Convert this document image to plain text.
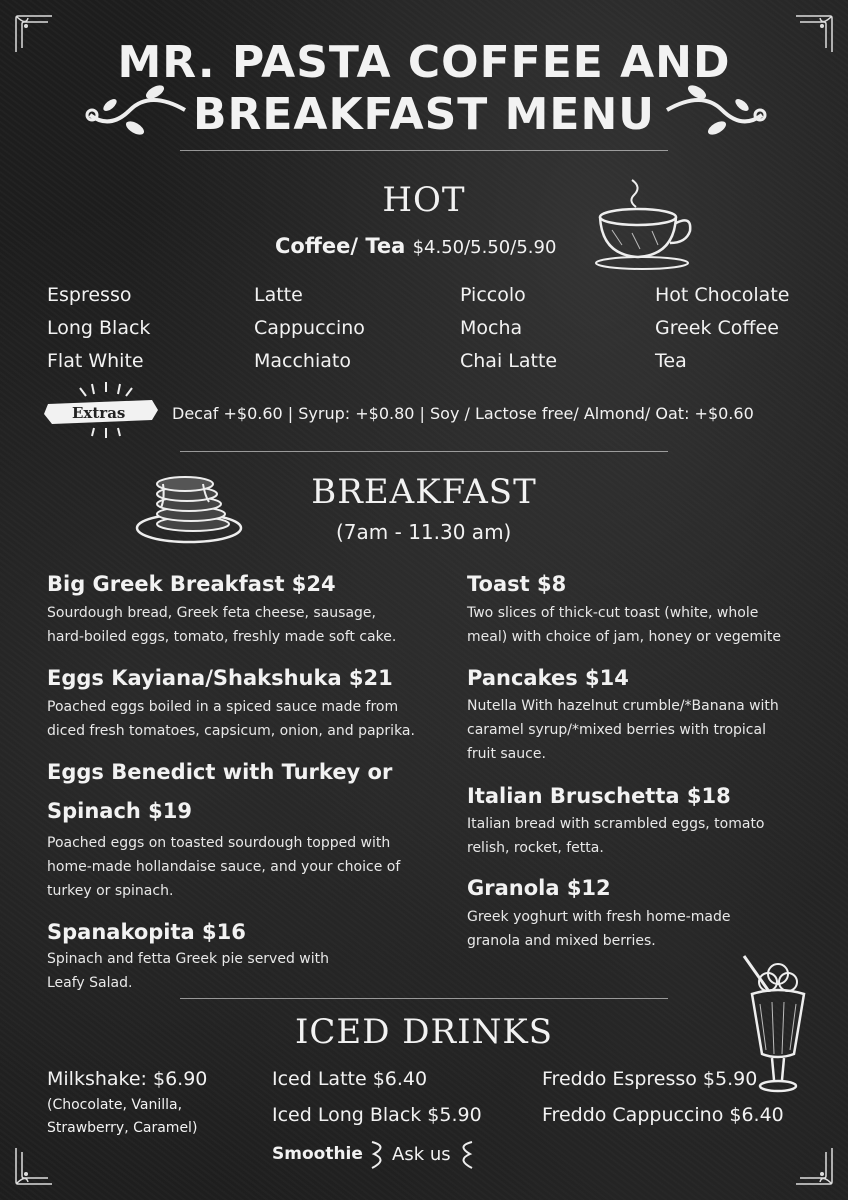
MR. PASTA COFFEE AND
BREAKFAST MENU
HOT
Coffee/ Tea $4.50/5.50/5.90
Espresso	Latte	Piccolo	Hot Chocolate
Long Black	Cappuccino	Mocha	Greek Coffee
Flat White	Macchiato	Chai Latte	Tea
Extras	Decaf +$0.60 | Syrup: +$0.80 | Soy / Lactose free/ Almond/ Oat: +$0.60
BREAKFAST
(7am - 11.30 am)
Big Greek Breakfast $24
Sourdough bread, Greek feta cheese, sausage,
hard-boiled eggs, tomato, freshly made soft cake.
Eggs Kayiana/Shakshuka $21
Poached eggs boiled in a spiced sauce made from
diced fresh tomatoes, capsicum, onion, and paprika.
Eggs Benedict with Turkey or
Spinach $19
Poached eggs on toasted sourdough topped with
home-made hollandaise sauce, and your choice of
turkey or spinach.
Spanakopita $16
Spinach and fetta Greek pie served with
Leafy Salad.
Toast $8
Two slices of thick-cut toast (white, whole
meal) with choice of jam, honey or vegemite
Pancakes $14
Nutella With hazelnut crumble/*Banana with
caramel syrup/*mixed berries with tropical
fruit sauce.
Italian Bruschetta $18
Italian bread with scrambled eggs, tomato
relish, rocket, fetta.
Granola $12
Greek yoghurt with fresh home-made
granola and mixed berries.
ICED DRINKS
Milkshake: $6.90
(Chocolate, Vanilla,
Strawberry, Caramel)
Iced Latte $6.40
Iced Long Black $5.90
Freddo Espresso $5.90
Freddo Cappuccino $6.40
Smoothie Ask us
